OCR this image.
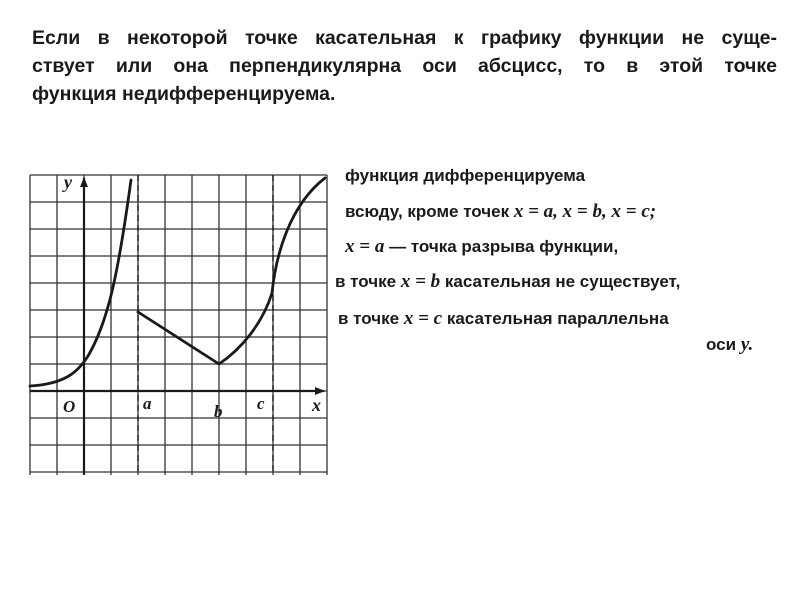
Если в некоторой точке касательная к графику функции не суще-
ствует или она перпендикулярна оси абсцисс, то в этой точке
функция недифференцируема.
y
x
O	a	b c
функция дифференцируема
всюду, кроме точек x = a, x = b, x = c;
x = a — точка разрыва функции,
в точке x = b касательная не существует,
в точке x = c касательная параллельна
оси y.
